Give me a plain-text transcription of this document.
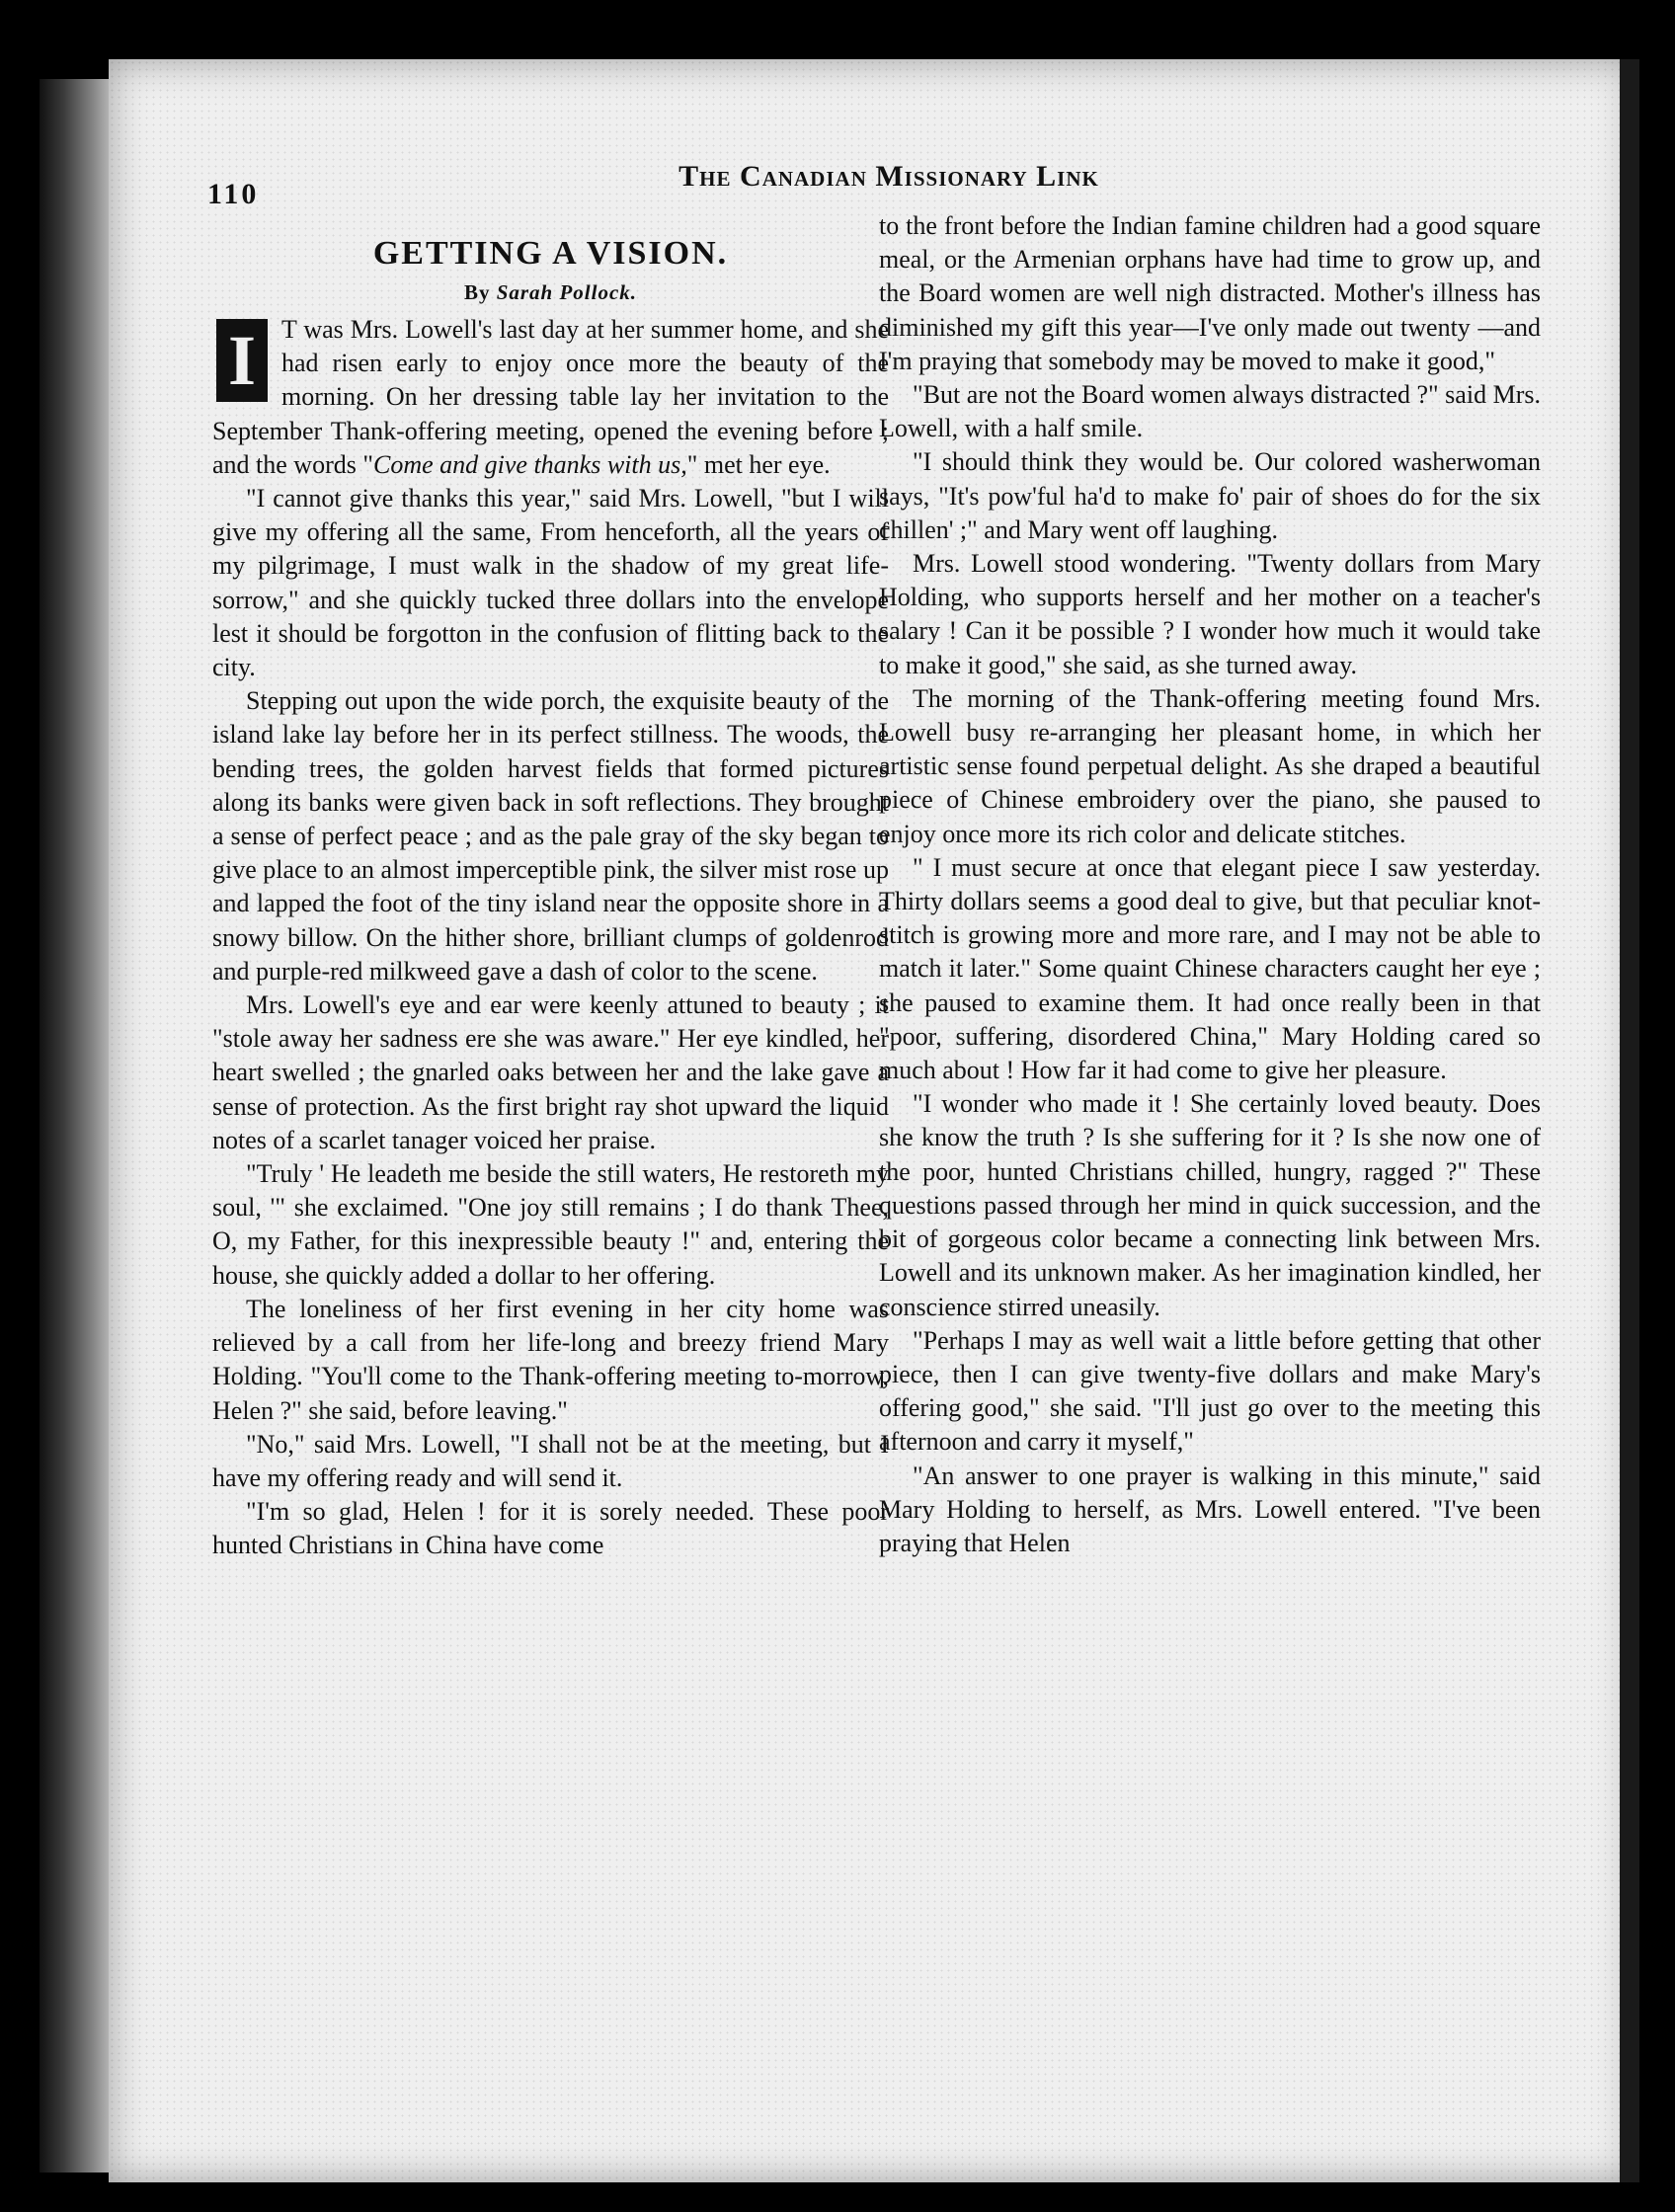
110
The Canadian Missionary Link
GETTING A VISION.
By Sarah Pollock.

I T was Mrs. Lowell's last day at her summer home, and she had risen early to enjoy once more the beauty of the morning. On her dressing table lay her invitation to the September Thank-offering meeting, opened the evening before ; and the words "Come and give thanks with us," met her eye.

"I cannot give thanks this year," said Mrs. Lowell, "but I will give my offering all the same, From henceforth, all the years of my pilgrimage, I must walk in the shadow of my great life-sorrow," and she quickly tucked three dollars into the envelope lest it should be forgotton in the confusion of flitting back to the city.

Stepping out upon the wide porch, the exquisite beauty of the island lake lay before her in its perfect stillness. The woods, the bending trees, the golden harvest fields that formed pictures along its banks were given back in soft reflections. They brought a sense of perfect peace ; and as the pale gray of the sky began to give place to an almost imperceptible pink, the silver mist rose up and lapped the foot of the tiny island near the opposite shore in a snowy billow. On the hither shore, brilliant clumps of goldenrod and purple-red milkweed gave a dash of color to the scene.

Mrs. Lowell's eye and ear were keenly attuned to beauty ; it "stole away her sadness ere she was aware." Her eye kindled, her heart swelled ; the gnarled oaks between her and the lake gave a sense of protection. As the first bright ray shot upward the liquid notes of a scarlet tanager voiced her praise.

"Truly ' He leadeth me beside the still waters, He restoreth my soul, '" she exclaimed. "One joy still remains ; I do thank Thee, O, my Father, for this inexpressible beauty !" and, entering the house, she quickly added a dollar to her offering.

The loneliness of her first evening in her city home was relieved by a call from her life-long and breezy friend Mary Holding. "You'll come to the Thank-offering meeting to-morrow, Helen ?" she said, before leaving."

"No," said Mrs. Lowell, "I shall not be at the meeting, but I have my offering ready and will send it.

"I'm so glad, Helen ! for it is sorely needed. These poor hunted Christians in China have come

to the front before the Indian famine children had a good square meal, or the Armenian orphans have had time to grow up, and the Board women are well nigh distracted. Mother's illness has diminished my gift this year—I've only made out twenty —and I'm praying that somebody may be moved to make it good,"

"But are not the Board women always distracted ?" said Mrs. Lowell, with a half smile.

"I should think they would be. Our colored washerwoman says, "It's pow'ful ha'd to make fo' pair of shoes do for the six chillen' ;" and Mary went off laughing.

Mrs. Lowell stood wondering. "Twenty dollars from Mary Holding, who supports herself and her mother on a teacher's salary ! Can it be possible ? I wonder how much it would take to make it good," she said, as she turned away.

The morning of the Thank-offering meeting found Mrs. Lowell busy re-arranging her pleasant home, in which her artistic sense found perpetual delight. As she draped a beautiful piece of Chinese embroidery over the piano, she paused to enjoy once more its rich color and delicate stitches.

" I must secure at once that elegant piece I saw yesterday. Thirty dollars seems a good deal to give, but that peculiar knot-stitch is growing more and more rare, and I may not be able to match it later." Some quaint Chinese characters caught her eye ; she paused to examine them. It had once really been in that "poor, suffering, disordered China," Mary Holding cared so much about ! How far it had come to give her pleasure.

"I wonder who made it ! She certainly loved beauty. Does she know the truth ? Is she suffering for it ? Is she now one of the poor, hunted Christians chilled, hungry, ragged ?" These questions passed through her mind in quick succession, and the bit of gorgeous color became a connecting link between Mrs. Lowell and its unknown maker. As her imagination kindled, her conscience stirred uneasily.

"Perhaps I may as well wait a little before getting that other piece, then I can give twenty-five dollars and make Mary's offering good," she said. "I'll just go over to the meeting this afternoon and carry it myself,"

"An answer to one prayer is walking in this minute," said Mary Holding to herself, as Mrs. Lowell entered. "I've been praying that Helen
